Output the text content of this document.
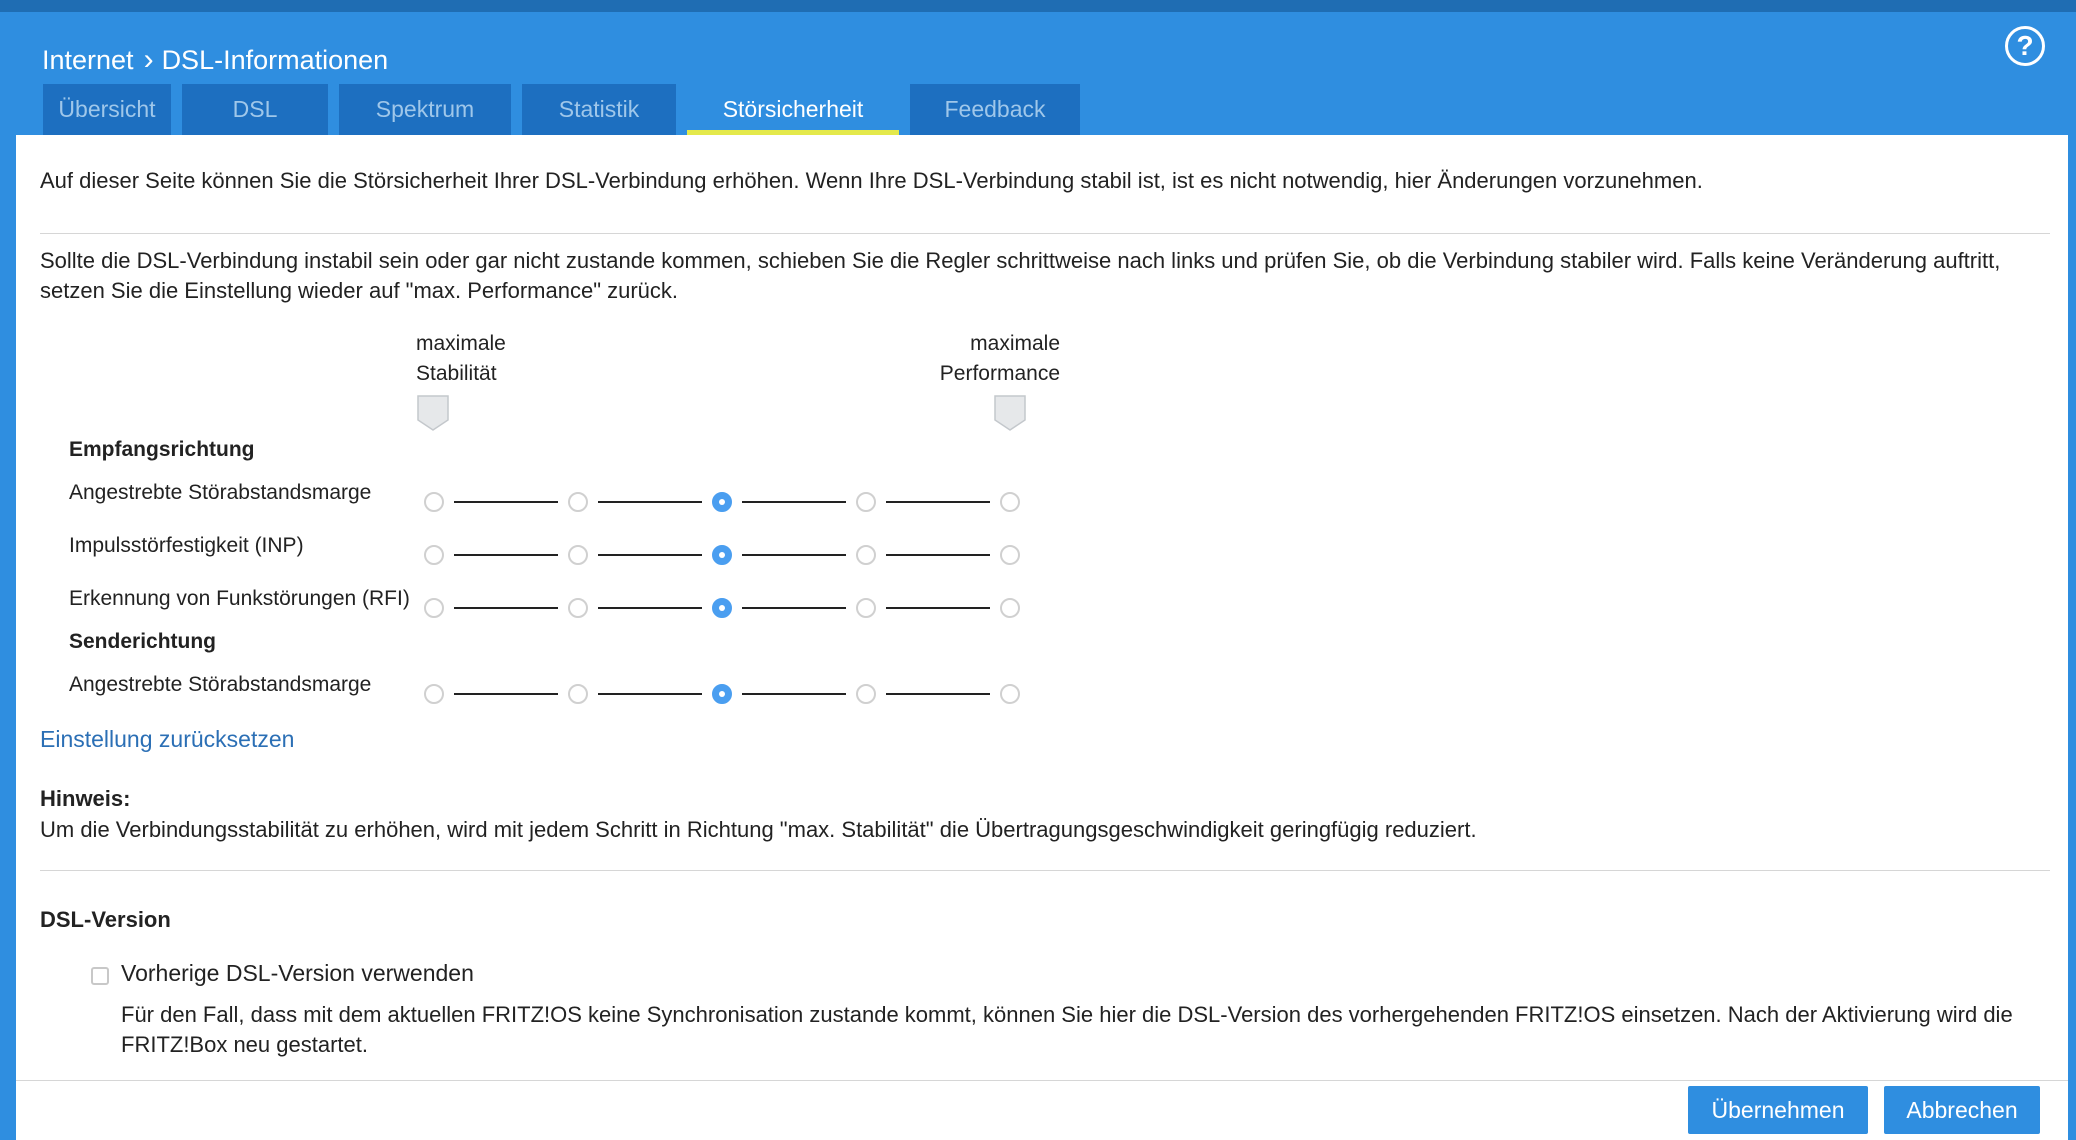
Internet › DSL-Informationen	?
Übersicht	DSL	Spektrum	Statistik	Störsicherheit	Feedback
Auf dieser Seite können Sie die Störsicherheit Ihrer DSL-Verbindung erhöhen. Wenn Ihre DSL-Verbindung stabil ist, ist es nicht notwendig, hier Änderungen vorzunehmen.
Sollte die DSL-Verbindung instabil sein oder gar nicht zustande kommen, schieben Sie die Regler schrittweise nach links und prüfen Sie, ob die Verbindung stabiler wird. Falls keine Veränderung auftritt, setzen Sie die Einstellung wieder auf "max. Performance" zurück.
maximale
Stabilität
maximale
Performance
Empfangsrichtung
Angestrebte Störabstandsmarge
Impulsstörfestigkeit (INP)
Erkennung von Funkstörungen (RFI)
Senderichtung
Angestrebte Störabstandsmarge
Einstellung zurücksetzen
Hinweis:
Um die Verbindungsstabilität zu erhöhen, wird mit jedem Schritt in Richtung "max. Stabilität" die Übertragungsgeschwindigkeit geringfügig reduziert.
DSL-Version
Vorherige DSL-Version verwenden
Für den Fall, dass mit dem aktuellen FRITZ!OS keine Synchronisation zustande kommt, können Sie hier die DSL-Version des vorhergehenden FRITZ!OS einsetzen. Nach der Aktivierung wird die FRITZ!Box neu gestartet.
Übernehmen	Abbrechen
